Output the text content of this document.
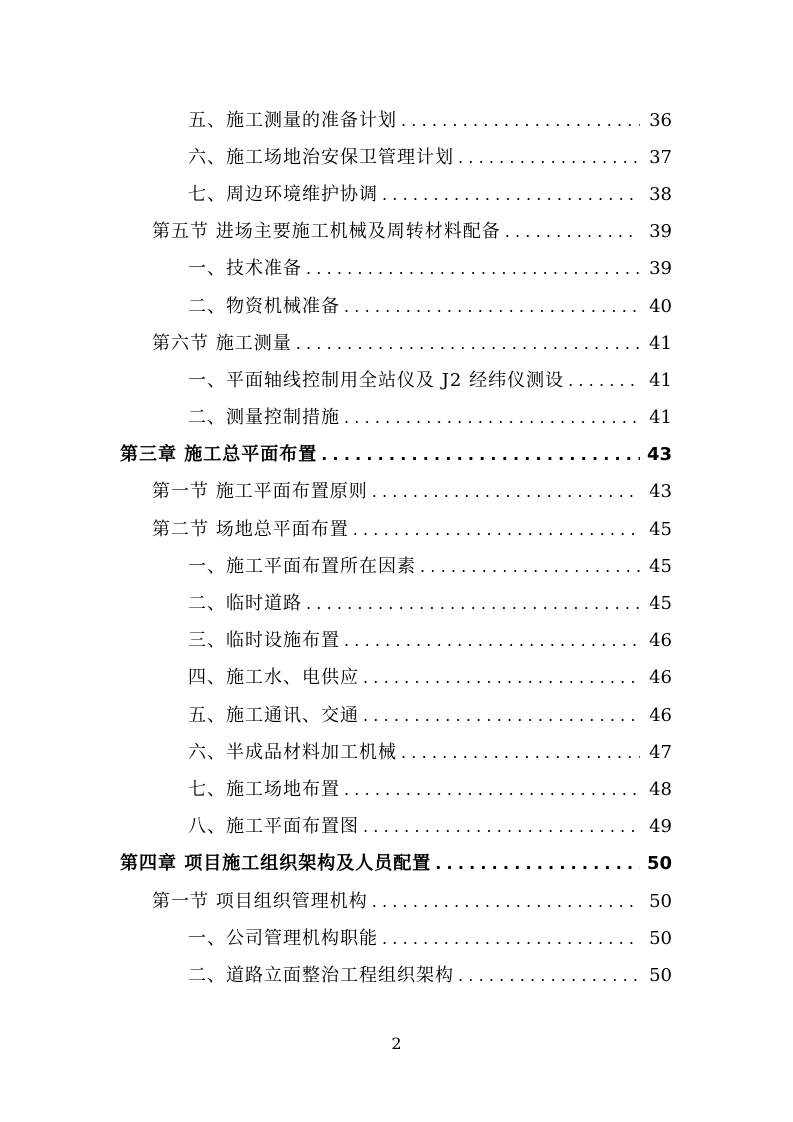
五、施工测量的准备计划 .....	36
六、施工场地治安保卫管理计划 .....	37
七、周边环境维护协调 .....	38
第五节 进场主要施工机械及周转材料配备 .....	39
一、技术准备 .....	39
二、物资机械准备 .....	40
第六节 施工测量 .....	41
一、平面轴线控制用全站仪及 J2 经纬仪测设 .....	41
二、测量控制措施 .....	41
第三章 施工总平面布置 .....	43
第一节 施工平面布置原则 .....	43
第二节 场地总平面布置 .....	45
一、施工平面布置所在因素 .....	45
二、临时道路 .....	45
三、临时设施布置 .....	46
四、施工水、电供应 .....	46
五、施工通讯、交通 .....	46
六、半成品材料加工机械 .....	47
七、施工场地布置 .....	48
八、施工平面布置图 .....	49
第四章 项目施工组织架构及人员配置 .....	50
第一节 项目组织管理机构 .....	50
一、公司管理机构职能 .....	50
二、道路立面整治工程组织架构 .....	50
2
